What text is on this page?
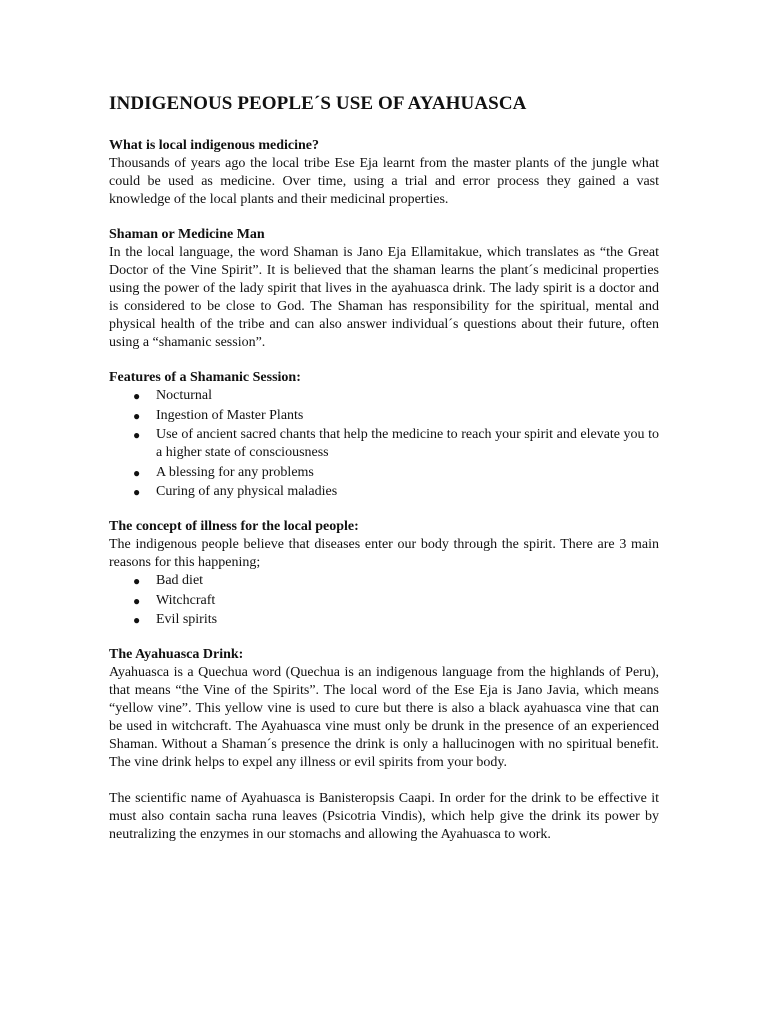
INDIGENOUS PEOPLE´S USE OF AYAHUASCA

What is local indigenous medicine?

Thousands of years ago the local tribe Ese Eja learnt from the master plants of the jungle what could be used as medicine. Over time, using a trial and error process they gained a vast knowledge of the local plants and their medicinal properties.

Shaman or Medicine Man

In the local language, the word Shaman is Jano Eja Ellamitakue, which translates as “the Great Doctor of the Vine Spirit”. It is believed that the shaman learns the plant´s medicinal properties using the power of the lady spirit that lives in the ayahuasca drink. The lady spirit is a doctor and is considered to be close to God. The Shaman has responsibility for the spiritual, mental and physical health of the tribe and can also answer individual´s questions about their future, often using a “shamanic session”.

Features of a Shamanic Session:

● Nocturnal
● Ingestion of Master Plants
● Use of ancient sacred chants that help the medicine to reach your spirit and elevate you to a higher state of consciousness
● A blessing for any problems
● Curing of any physical maladies

The concept of illness for the local people:

The indigenous people believe that diseases enter our body through the spirit. There are 3 main reasons for this happening;

● Bad diet
● Witchcraft
● Evil spirits

The Ayahuasca Drink:

Ayahuasca is a Quechua word (Quechua is an indigenous language from the highlands of Peru), that means “the Vine of the Spirits”. The local word of the Ese Eja is Jano Javia, which means “yellow vine”. This yellow vine is used to cure but there is also a black ayahuasca vine that can be used in witchcraft. The Ayahuasca vine must only be drunk in the presence of an experienced Shaman. Without a Shaman´s presence the drink is only a hallucinogen with no spiritual benefit. The vine drink helps to expel any illness or evil spirits from your body.

The scientific name of Ayahuasca is Banisteropsis Caapi. In order for the drink to be effective it must also contain sacha runa leaves (Psicotria Vindis), which help give the drink its power by neutralizing the enzymes in our stomachs and allowing the Ayahuasca to work.
